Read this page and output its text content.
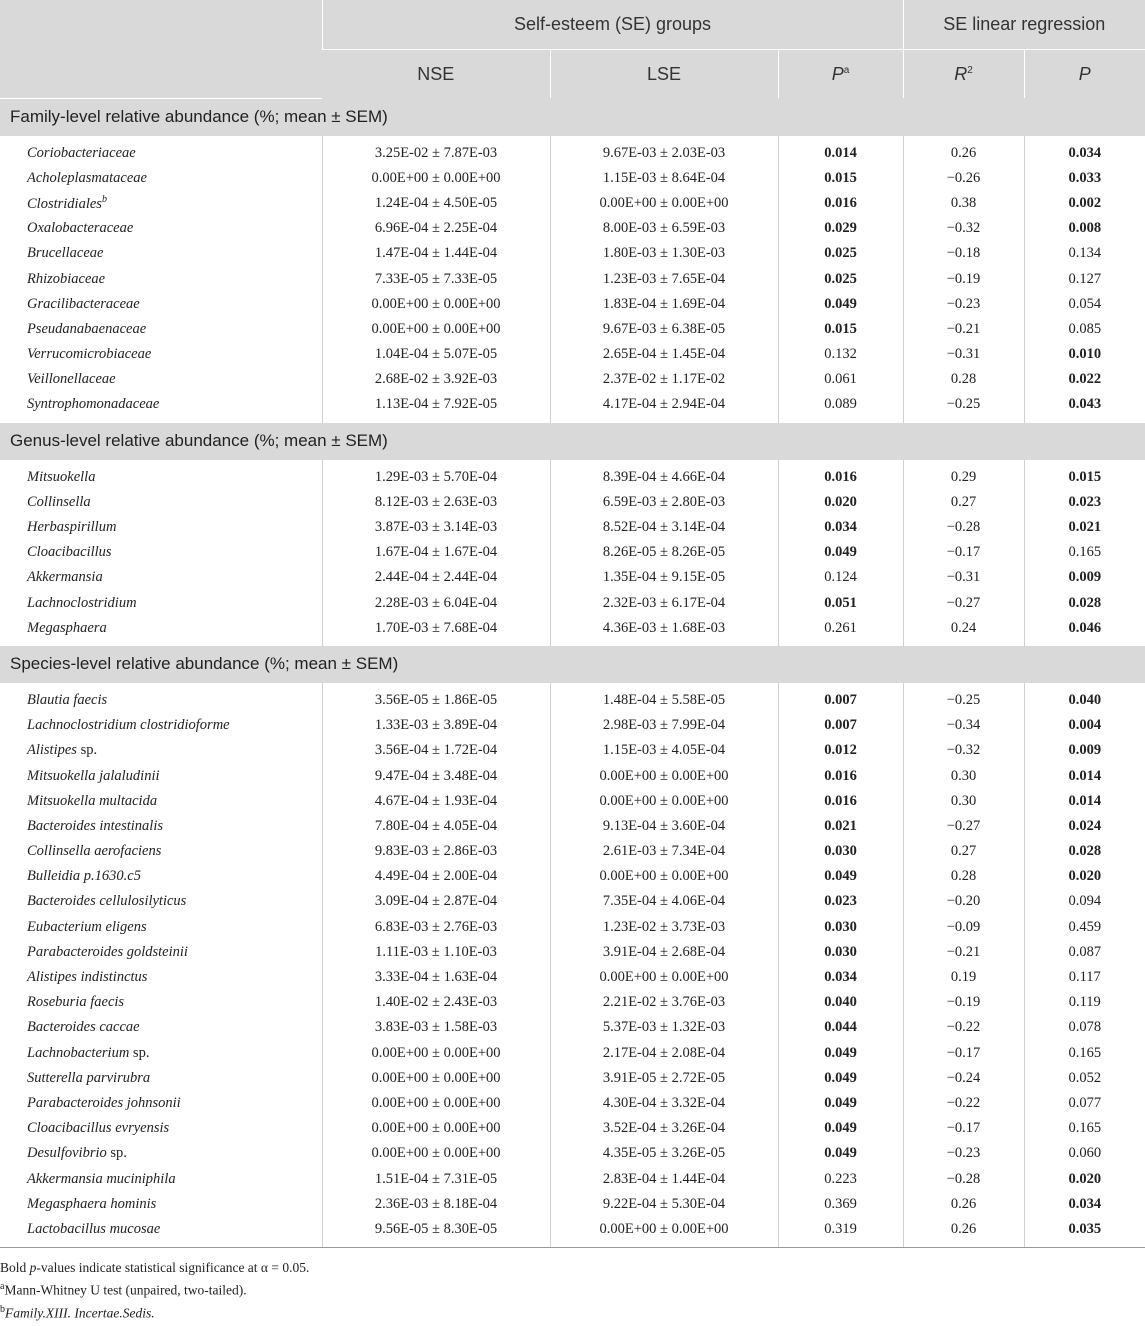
	Self-esteem (SE) groups			SE linear regression	
	NSE	LSE	$P^a$	$R^2$	P
Family-level relative abundance (%; mean ± SEM)					

Coriobacteriaceae	3.25E-02 ± 7.87E-03	9.67E-03 ± 2.03E-03	0.014	0.26	0.034
Acholeplasmataceae	0.00E+00 ± 0.00E+00	1.15E-03 ± 8.64E-04	0.015	−0.26	0.033
Clostridiales$^b$	1.24E-04 ± 4.50E-05	0.00E+00 ± 0.00E+00	0.016	0.38	0.002
Oxalobacteraceae	6.96E-04 ± 2.25E-04	8.00E-03 ± 6.59E-03	0.029	−0.32	0.008
Brucellaceae	1.47E-04 ± 1.44E-04	1.80E-03 ± 1.30E-03	0.025	−0.18	0.134
Rhizobiaceae	7.33E-05 ± 7.33E-05	1.23E-03 ± 7.65E-04	0.025	−0.19	0.127
Gracilibacteraceae	0.00E+00 ± 0.00E+00	1.83E-04 ± 1.69E-04	0.049	−0.23	0.054
Pseudanabaenaceae	0.00E+00 ± 0.00E+00	9.67E-03 ± 6.38E-05	0.015	−0.21	0.085
Verrucomicrobiaceae	1.04E-04 ± 5.07E-05	2.65E-04 ± 1.45E-04	0.132	−0.31	0.010
Veillonellaceae	2.68E-02 ± 3.92E-03	2.37E-02 ± 1.17E-02	0.061	0.28	0.022
Syntrophomonadaceae	1.13E-04 ± 7.92E-05	4.17E-04 ± 2.94E-04	0.089	−0.25	0.043

Genus-level relative abundance (%; mean ± SEM)					

Mitsuokella	1.29E-03 ± 5.70E-04	8.39E-04 ± 4.66E-04	0.016	0.29	0.015
Collinsella	8.12E-03 ± 2.63E-03	6.59E-03 ± 2.80E-03	0.020	0.27	0.023
Herbaspirillum	3.87E-03 ± 3.14E-03	8.52E-04 ± 3.14E-04	0.034	−0.28	0.021
Cloacibacillus	1.67E-04 ± 1.67E-04	8.26E-05 ± 8.26E-05	0.049	−0.17	0.165
Akkermansia	2.44E-04 ± 2.44E-04	1.35E-04 ± 9.15E-05	0.124	−0.31	0.009
Lachnoclostridium	2.28E-03 ± 6.04E-04	2.32E-03 ± 6.17E-04	0.051	−0.27	0.028
Megasphaera	1.70E-03 ± 7.68E-04	4.36E-03 ± 1.68E-03	0.261	0.24	0.046

Species-level relative abundance (%; mean ± SEM)					

Blautia faecis	3.56E-05 ± 1.86E-05	1.48E-04 ± 5.58E-05	0.007	−0.25	0.040
Lachnoclostridium clostridioforme	1.33E-03 ± 3.89E-04	2.98E-03 ± 7.99E-04	0.007	−0.34	0.004
Alistipes sp.	3.56E-04 ± 1.72E-04	1.15E-03 ± 4.05E-04	0.012	−0.32	0.009
Mitsuokella jalaludinii	9.47E-04 ± 3.48E-04	0.00E+00 ± 0.00E+00	0.016	0.30	0.014
Mitsuokella multacida	4.67E-04 ± 1.93E-04	0.00E+00 ± 0.00E+00	0.016	0.30	0.014
Bacteroides intestinalis	7.80E-04 ± 4.05E-04	9.13E-04 ± 3.60E-04	0.021	−0.27	0.024
Collinsella aerofaciens	9.83E-03 ± 2.86E-03	2.61E-03 ± 7.34E-04	0.030	0.27	0.028
Bulleidia p.1630.c5	4.49E-04 ± 2.00E-04	0.00E+00 ± 0.00E+00	0.049	0.28	0.020
Bacteroides cellulosilyticus	3.09E-04 ± 2.87E-04	7.35E-04 ± 4.06E-04	0.023	−0.20	0.094
Eubacterium eligens	6.83E-03 ± 2.76E-03	1.23E-02 ± 3.73E-03	0.030	−0.09	0.459
Parabacteroides goldsteinii	1.11E-03 ± 1.10E-03	3.91E-04 ± 2.68E-04	0.030	−0.21	0.087
Alistipes indistinctus	3.33E-04 ± 1.63E-04	0.00E+00 ± 0.00E+00	0.034	0.19	0.117
Roseburia faecis	1.40E-02 ± 2.43E-03	2.21E-02 ± 3.76E-03	0.040	−0.19	0.119
Bacteroides caccae	3.83E-03 ± 1.58E-03	5.37E-03 ± 1.32E-03	0.044	−0.22	0.078
Lachnobacterium sp.	0.00E+00 ± 0.00E+00	2.17E-04 ± 2.08E-04	0.049	−0.17	0.165
Sutterella parvirubra	0.00E+00 ± 0.00E+00	3.91E-05 ± 2.72E-05	0.049	−0.24	0.052
Parabacteroides johnsonii	0.00E+00 ± 0.00E+00	4.30E-04 ± 3.32E-04	0.049	−0.22	0.077
Cloacibacillus evryensis	0.00E+00 ± 0.00E+00	3.52E-04 ± 3.26E-04	0.049	−0.17	0.165
Desulfovibrio sp.	0.00E+00 ± 0.00E+00	4.35E-05 ± 3.26E-05	0.049	−0.23	0.060
Akkermansia muciniphila	1.51E-04 ± 7.31E-05	2.83E-04 ± 1.44E-04	0.223	−0.28	0.020
Megasphaera hominis	2.36E-03 ± 8.18E-04	9.22E-04 ± 5.30E-04	0.369	0.26	0.034
Lactobacillus mucosae	9.56E-05 ± 8.30E-05	0.00E+00 ± 0.00E+00	0.319	0.26	0.035

Bold p-values indicate statistical significance at α = 0.05.
$^a$Mann-Whitney U test (unpaired, two-tailed).
$^b$Family.XIII. Incertae.Sedis.
